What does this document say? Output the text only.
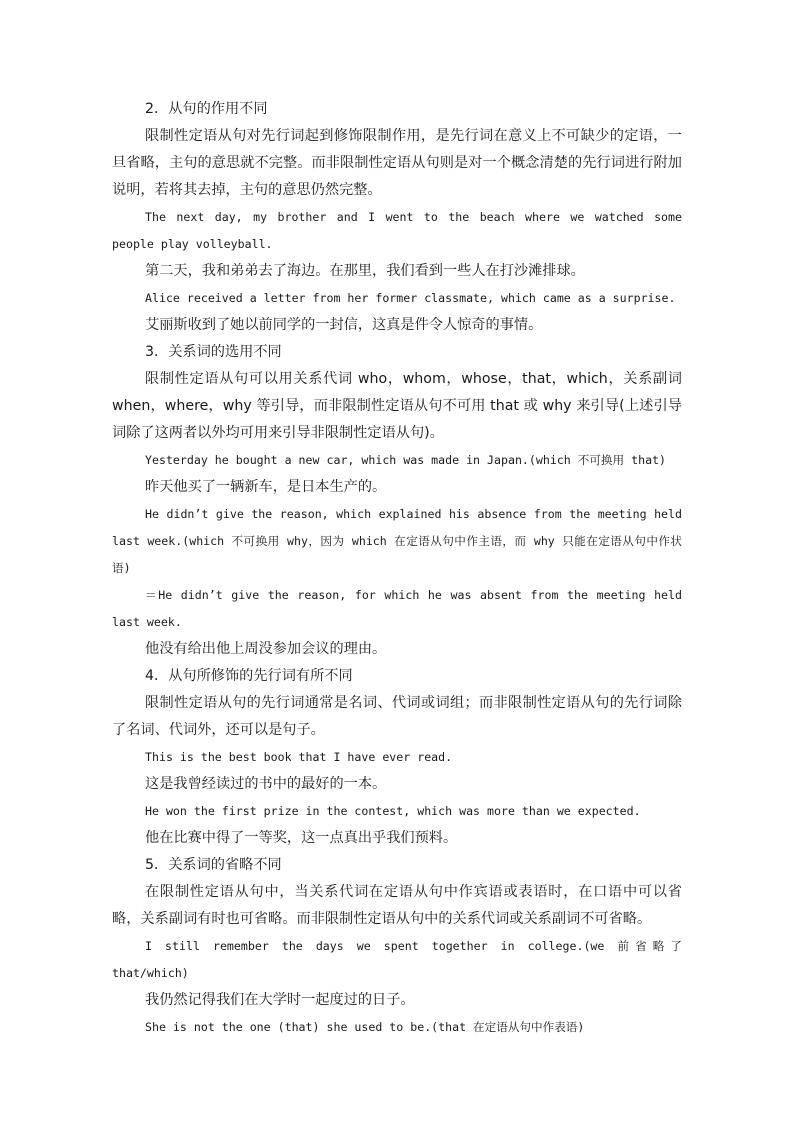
2．从句的作用不同

限制性定语从句对先行词起到修饰限制作用，是先行词在意义上不可缺少的定语，一旦省略，主句的意思就不完整。而非限制性定语从句则是对一个概念清楚的先行词进行附加说明，若将其去掉，主句的意思仍然完整。

The next day, my brother and I went to the beach where we watched some people play volleyball.

第二天，我和弟弟去了海边。在那里，我们看到一些人在打沙滩排球。

Alice received a letter from her former classmate, which came as a surprise.

艾丽斯收到了她以前同学的一封信，这真是件令人惊奇的事情。

3．关系词的选用不同

限制性定语从句可以用关系代词 who，whom，whose，that，which，关系副词 when，where，why 等引导，而非限制性定语从句不可用 that 或 why 来引导(上述引导词除了这两者以外均可用来引导非限制性定语从句)。

Yesterday he bought a new car, which was made in Japan.(which 不可换用 that)

昨天他买了一辆新车，是日本生产的。

He didn’t give the reason, which explained his absence from the meeting held last week.(which 不可换用 why，因为 which 在定语从句中作主语，而 why 只能在定语从句中作状语)

＝He didn’t give the reason, for which he was absent from the meeting held last week.

他没有给出他上周没参加会议的理由。

4．从句所修饰的先行词有所不同

限制性定语从句的先行词通常是名词、代词或词组；而非限制性定语从句的先行词除了名词、代词外，还可以是句子。

This is the best book that I have ever read.

这是我曾经读过的书中的最好的一本。

He won the first prize in the contest, which was more than we expected.

他在比赛中得了一等奖，这一点真出乎我们预料。

5．关系词的省略不同

在限制性定语从句中，当关系代词在定语从句中作宾语或表语时，在口语中可以省略，关系副词有时也可省略。而非限制性定语从句中的关系代词或关系副词不可省略。

I still remember the days we spent together in college.(we 前省略了 that/which)

我仍然记得我们在大学时一起度过的日子。

She is not the one (that) she used to be.(that 在定语从句中作表语)
